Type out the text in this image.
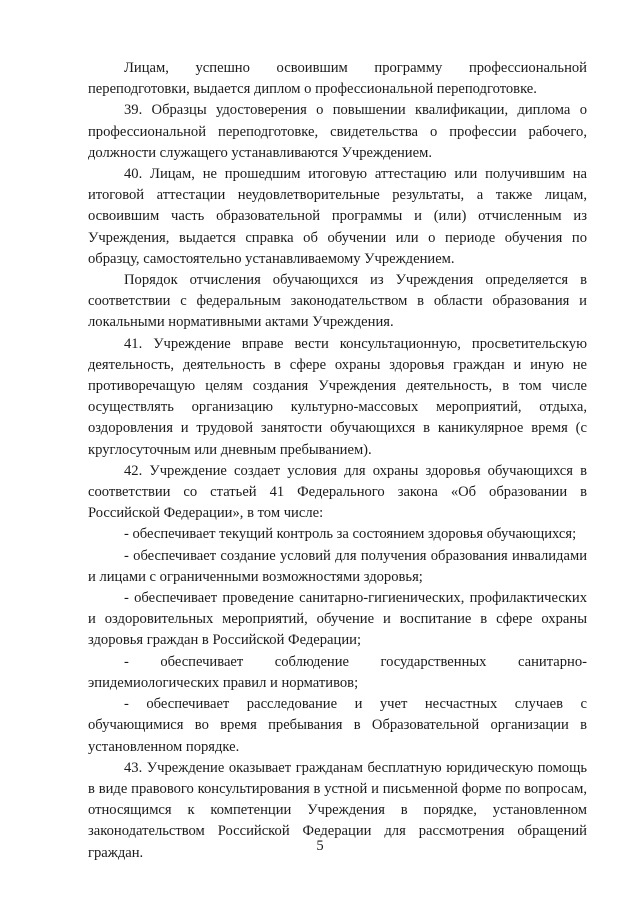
Лицам, успешно освоившим программу профессиональной переподготовки, выдается диплом о профессиональной переподготовке.

39. Образцы удостоверения о повышении квалификации, диплома о профессиональной переподготовке, свидетельства о профессии рабочего, должности служащего устанавливаются Учреждением.

40. Лицам, не прошедшим итоговую аттестацию или получившим на итоговой аттестации неудовлетворительные результаты, а также лицам, освоившим часть образовательной программы и (или) отчисленным из Учреждения, выдается справка об обучении или о периоде обучения по образцу, самостоятельно устанавливаемому Учреждением.

Порядок отчисления обучающихся из Учреждения определяется в соответствии с федеральным законодательством в области образования и локальными нормативными актами Учреждения.

41. Учреждение вправе вести консультационную, просветительскую деятельность, деятельность в сфере охраны здоровья граждан и иную не противоречащую целям создания Учреждения деятельность, в том числе осуществлять организацию культурно-массовых мероприятий, отдыха, оздоровления и трудовой занятости обучающихся в каникулярное время (с круглосуточным или дневным пребыванием).

42. Учреждение создает условия для охраны здоровья обучающихся в соответствии со статьей 41 Федерального закона «Об образовании в Российской Федерации», в том числе:

- обеспечивает текущий контроль за состоянием здоровья обучающихся;

- обеспечивает создание условий для получения образования инвалидами и лицами с ограниченными возможностями здоровья;

- обеспечивает проведение санитарно-гигиенических, профилактических и оздоровительных мероприятий, обучение и воспитание в сфере охраны здоровья граждан в Российской Федерации;

- обеспечивает соблюдение государственных санитарно-эпидемиологических правил и нормативов;

- обеспечивает расследование и учет несчастных случаев с обучающимися во время пребывания в Образовательной организации в установленном порядке.

43. Учреждение оказывает гражданам бесплатную юридическую помощь в виде правового консультирования в устной и письменной форме по вопросам, относящимся к компетенции Учреждения в порядке, установленном законодательством Российской Федерации для рассмотрения обращений граждан.	5
